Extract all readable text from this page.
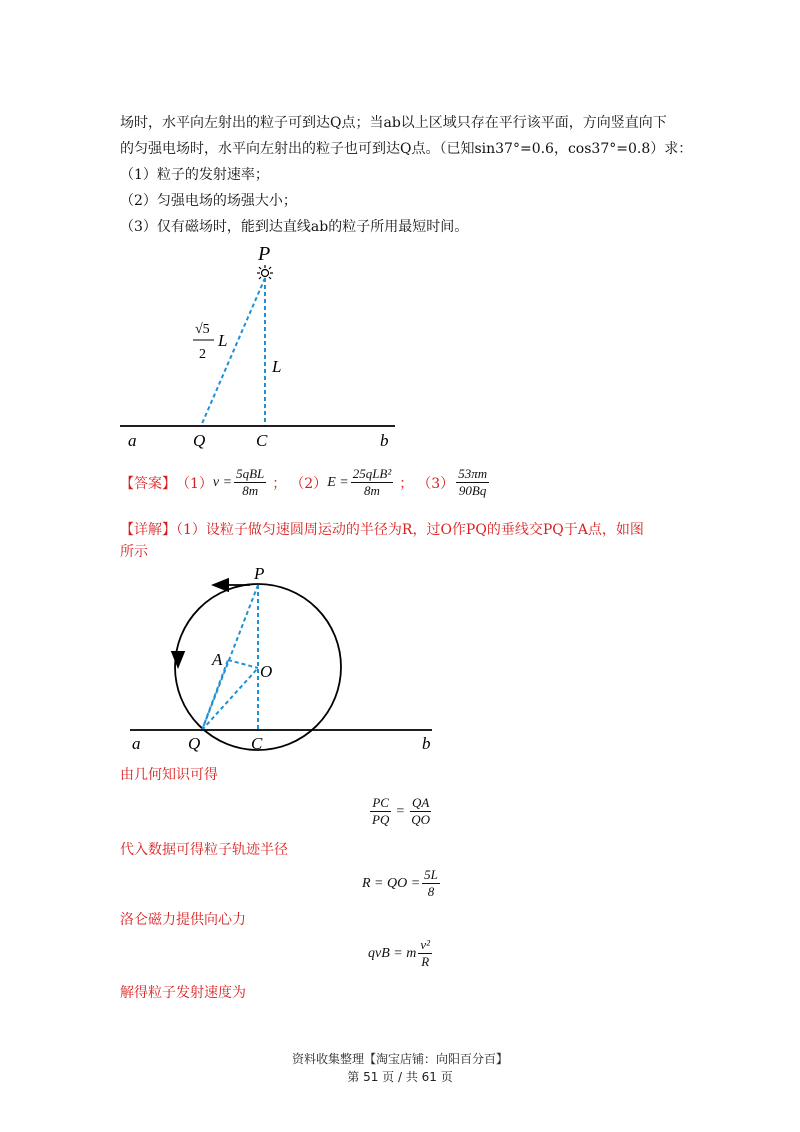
场时，水平向左射出的粒子可到达Q点；当ab以上区域只存在平行该平面，方向竖直向下
的匀强电场时，水平向左射出的粒子也可到达Q点。（已知sin37°=0.6，cos37°=0.8）求：
（1）粒子的发射速率；
（2）匀强电场的场强大小；
（3）仅有磁场时，能到达直线ab的粒子所用最短时间。
P
√5
2
L
L
a	Q	C	b
【答案】 （1） $v = \frac{\text{5qBL}}{8m}$ ； （2） $E = \frac{\text{25qLB²}}{8m}$ ； $(3) \frac{53\pi m}{90Bq}$
【详解】（1）设粒子做匀速圆周运动的半径为R，过O作PQ的垂线交PQ于A点，如图
所示
P
A
O
a	Q	C	b
由几何知识可得
$\frac{PC}{PQ} = \frac{QA}{QO}$
代入数据可得粒子轨迹半径
R = QO = $\frac{5L}{8}$
洛仑磁力提供向心力
qvB = m $\frac{\text{v²}}{R}$
解得粒子发射速度为
资料收集整理【淘宝店铺：向阳百分百】
第 51 页 / 共 61 页
